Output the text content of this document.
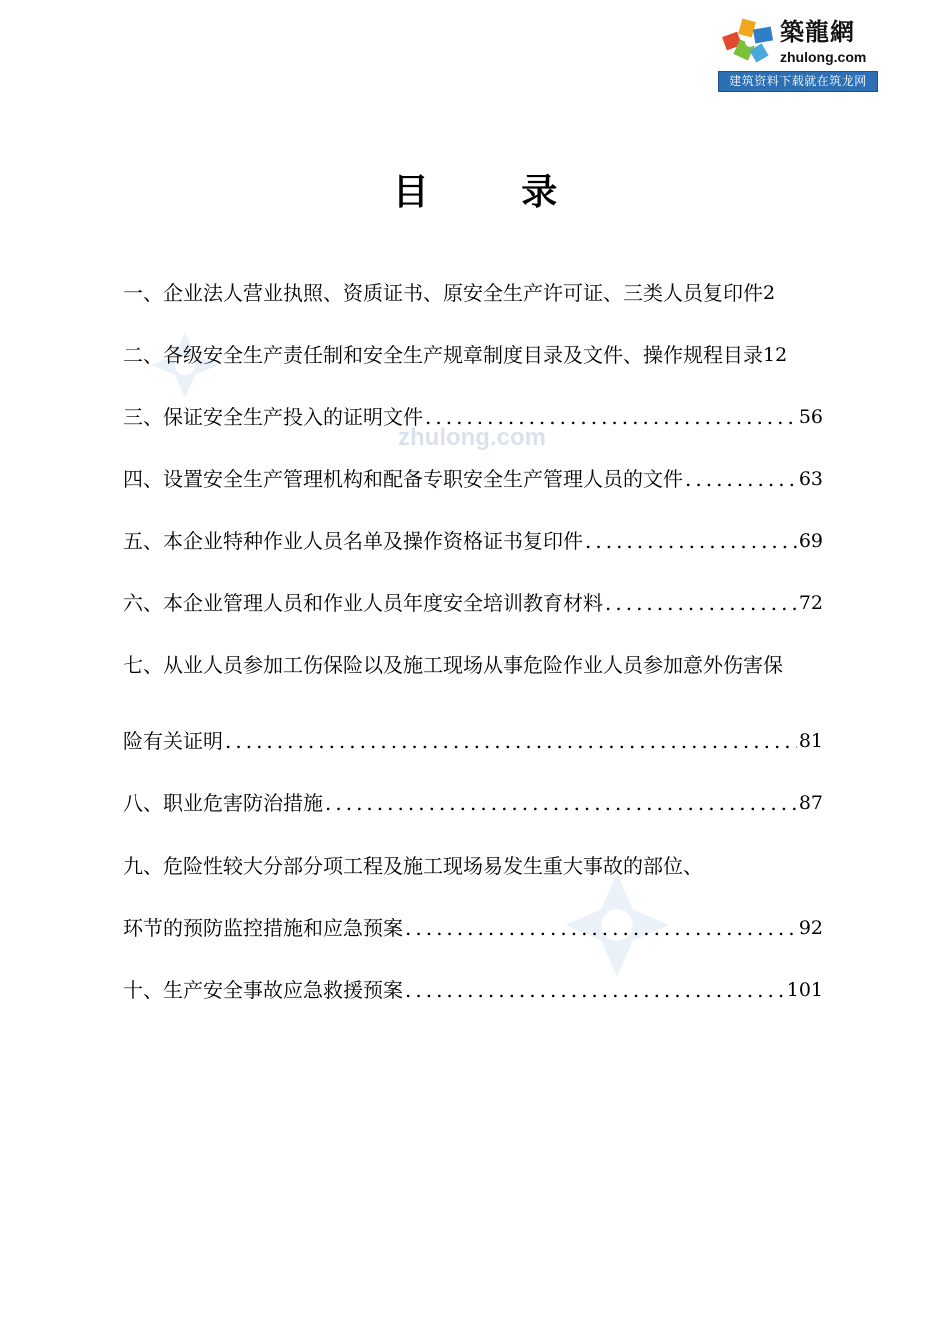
築龍網
zhulong.com
建筑资料下载就在筑龙网
zhulong.com
目 录
一、企业法人营业执照、资质证书、原安全生产许可证、三类人员复印件 2
二、各级安全生产责任制和安全生产规章制度目录及文件、操作规程目录 12
三、保证安全生产投入的证明文件 .....	56
四、设置安全生产管理机构和配备专职安全生产管理人员的文件 .....	63
五、本企业特种作业人员名单及操作资格证书复印件 .....	69
六、本企业管理人员和作业人员年度安全培训教育材料 .....	72
七、从业人员参加工伤保险以及施工现场从事危险作业人员参加意外伤害保
险有关证明 .....	81
八、职业危害防治措施 .....	87
九、危险性较大分部分项工程及施工现场易发生重大事故的部位、
环节的预防监控措施和应急预案 .....	92
十、生产安全事故应急救援预案 .....	101
